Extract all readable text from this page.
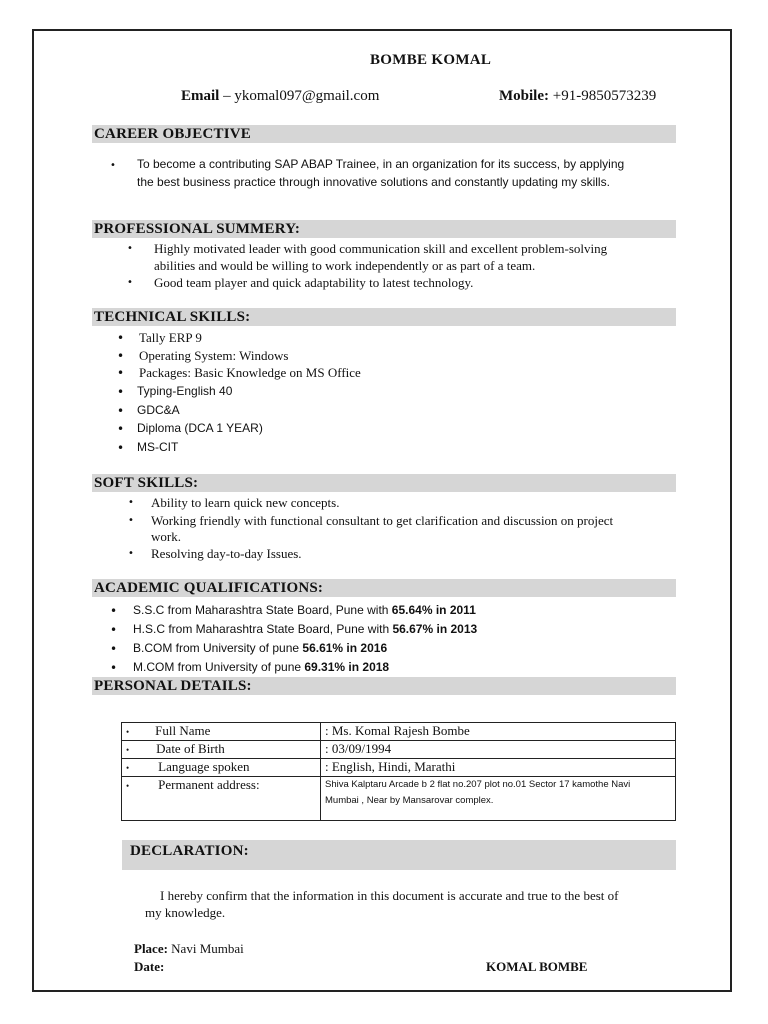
BOMBE KOMAL
Email – ykomal097@gmail.com	Mobile: +91-9850573239
CAREER OBJECTIVE
• To become a contributing SAP ABAP Trainee, in an organization for its success, by applying
the best business practice through innovative solutions and constantly updating my skills.
PROFESSIONAL SUMMERY:
• Highly motivated leader with good communication skill and excellent problem-solving
abilities and would be willing to work independently or as part of a team.
• Good team player and quick adaptability to latest technology.
TECHNICAL SKILLS:
• Tally ERP 9
• Operating System: Windows
• Packages: Basic Knowledge on MS Office
• Typing-English 40
• GDC&A
• Diploma (DCA 1 YEAR)
• MS-CIT
SOFT SKILLS:
• Ability to learn quick new concepts.
• Working friendly with functional consultant to get clarification and discussion on project
work.
• Resolving day-to-day Issues.
ACADEMIC QUALIFICATIONS:
• S.S.C from Maharashtra State Board, Pune with 65.64% in 2011
• H.S.C from Maharashtra State Board, Pune with 56.67% in 2013
• B.COM from University of pune 56.61% in 2016
• M.COM from University of pune 69.31% in 2018
PERSONAL DETAILS:
• Full Name	: Ms. Komal Rajesh Bombe
• Date of Birth	: 03/09/1994
• Language spoken	: English, Hindi, Marathi
• Permanent address:	Shiva Kalptaru Arcade b 2 flat no.207 plot no.01 Sector 17 kamothe Navi
Mumbai , Near by Mansarovar complex.
DECLARATION:
I hereby confirm that the information in this document is accurate and true to the best of
my knowledge.
Place: Navi Mumbai
Date:	KOMAL BOMBE
